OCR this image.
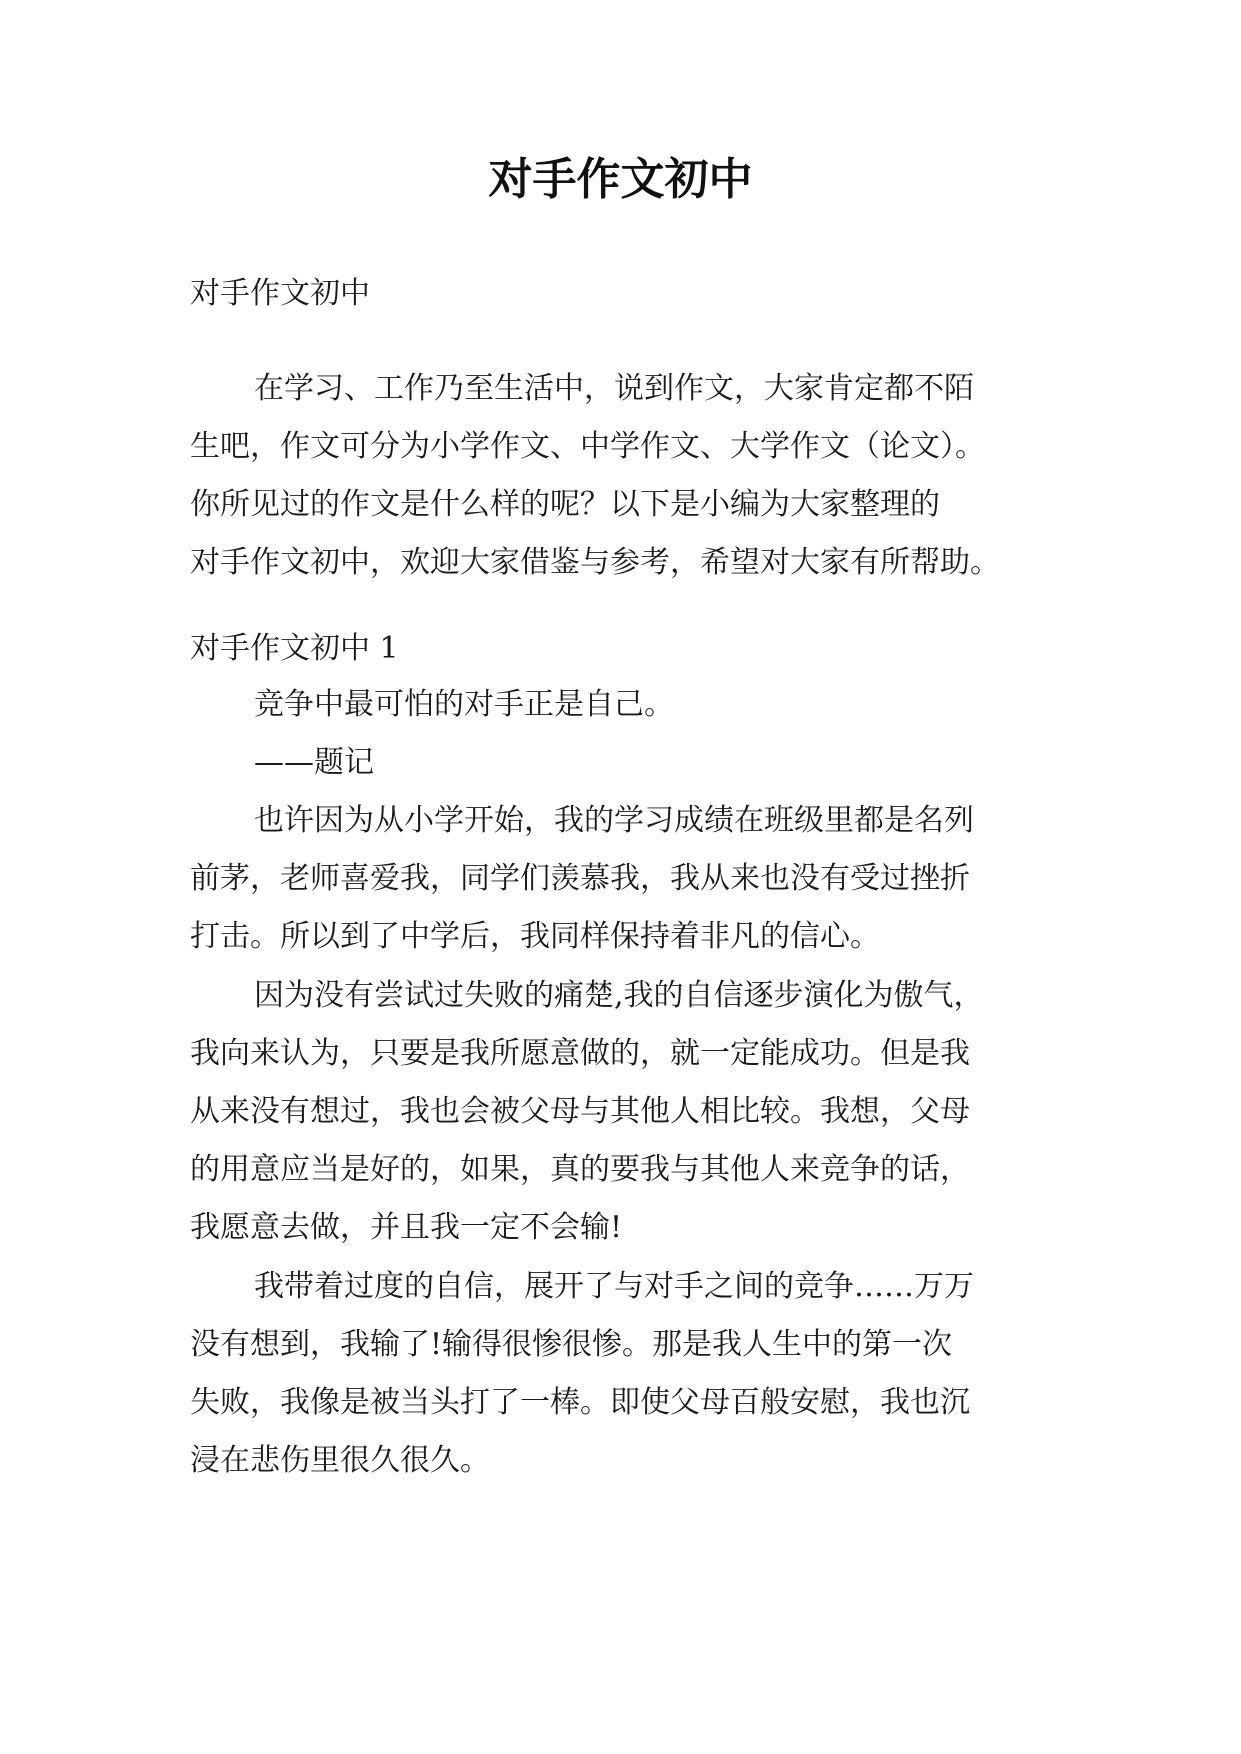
对手作文初中

对手作文初中

在学习、工作乃至生活中，说到作文，大家肯定都不陌
生吧，作文可分为小学作文、中学作文、大学作文（论文）。
你所见过的作文是什么样的呢？以下是小编为大家整理的
对手作文初中，欢迎大家借鉴与参考，希望对大家有所帮助。

对手作文初中 1

竞争中最可怕的对手正是自己。

——题记

也许因为从小学开始，我的学习成绩在班级里都是名列
前茅，老师喜爱我，同学们羡慕我，我从来也没有受过挫折
打击。所以到了中学后，我同样保持着非凡的信心。
因为没有尝试过失败的痛楚,我的自信逐步演化为傲气，
我向来认为，只要是我所愿意做的，就一定能成功。但是我
从来没有想过，我也会被父母与其他人相比较。我想，父母
的用意应当是好的，如果，真的要我与其他人来竞争的话，
我愿意去做，并且我一定不会输!
我带着过度的自信，展开了与对手之间的竞争……万万
没有想到，我输了!输得很惨很惨。那是我人生中的第一次
失败，我像是被当头打了一棒。即使父母百般安慰，我也沉
浸在悲伤里很久很久。
